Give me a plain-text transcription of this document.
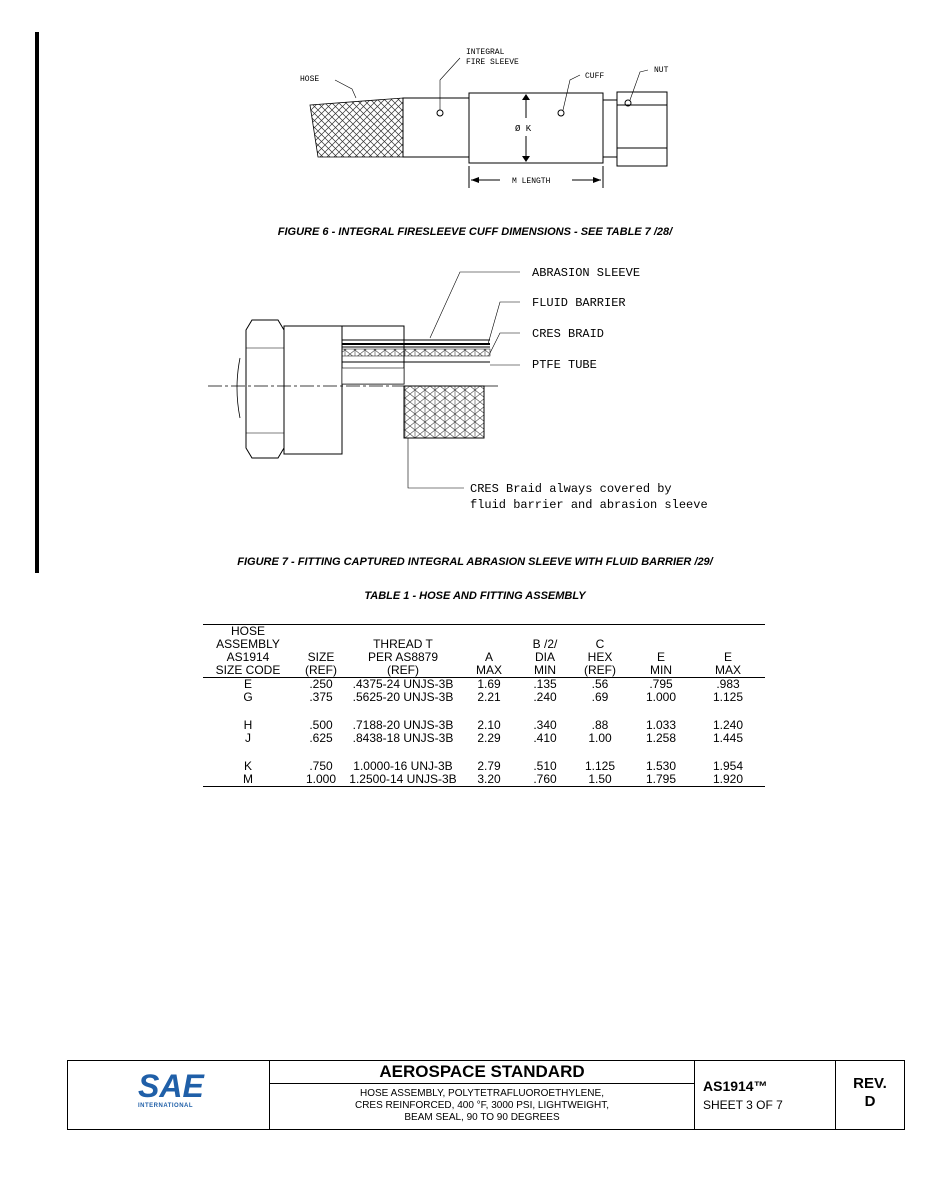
HOSE
INTEGRAL
FIRE SLEEVE
CUFF
NUT
Ø K
M LENGTH
FIGURE 6 - INTEGRAL FIRESLEEVE CUFF DIMENSIONS - SEE TABLE 7 /28/
ABRASION SLEEVE
FLUID BARRIER
CRES BRAID
PTFE TUBE
CRES Braid always covered by
fluid barrier and abrasion sleeve
FIGURE 7 - FITTING CAPTURED INTEGRAL ABRASION SLEEVE WITH FLUID BARRIER /29/
TABLE 1 - HOSE AND FITTING ASSEMBLY
HOSE							
ASSEMBLY		THREAD T		B /2/	C		
AS1914	SIZE	PER AS8879	A	DIA	HEX	E	E
SIZE CODE	(REF)	(REF)	MAX	MIN	(REF)	MIN	MAX
E	.250	.4375-24 UNJS-3B	1.69	.135	.56	.795	.983
G	.375	.5625-20 UNJS-3B	2.21	.240	.69	1.000	1.125

H	.500	.7188-20 UNJS-3B	2.10	.340	.88	1.033	1.240
J	.625	.8438-18 UNJS-3B	2.29	.410	1.00	1.258	1.445

K	.750	1.0000-16 UNJ-3B	2.79	.510	1.125	1.530	1.954
M	1.000	1.2500-14 UNJS-3B	3.20	.760	1.50	1.795	1.920
SAE
INTERNATIONAL
AEROSPACE STANDARD
HOSE ASSEMBLY, POLYTETRAFLUOROETHYLENE,
CRES REINFORCED, 400 °F, 3000 PSI, LIGHTWEIGHT,
BEAM SEAL, 90 TO 90 DEGREES
AS1914™
SHEET 3 OF 7
REV.
D
